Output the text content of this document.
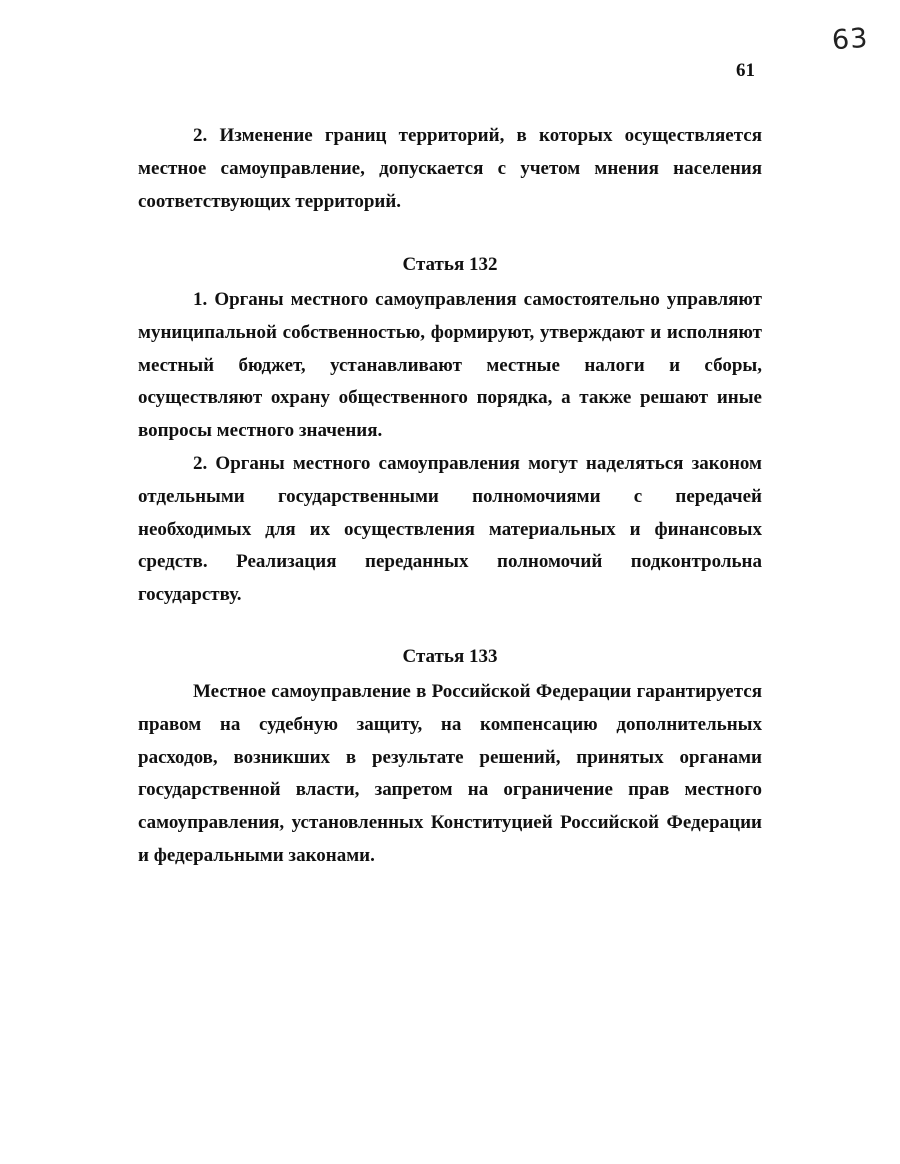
63
61

2. Изменение границ территорий, в которых осуществляется местное самоуправление, допускается с учетом мнения населения соответствующих территорий.

Статья 132

1. Органы местного самоуправления самостоятельно управляют муниципальной собственностью, формируют, утверждают и исполняют местный бюджет, устанавливают местные налоги и сборы, осуществляют охрану общественного порядка, а также решают иные вопросы местного значения.

2. Органы местного самоуправления могут наделяться законом отдельными государственными полномочиями с передачей необходимых для их осуществления материальных и финансовых средств. Реализация переданных полномочий подконтрольна государству.

Статья 133

Местное самоуправление в Российской Федерации гарантируется правом на судебную защиту, на компенсацию дополнительных расходов, возникших в результате решений, принятых органами государственной власти, запретом на ограничение прав местного самоуправления, установленных Конституцией Российской Федерации и федеральными законами.
